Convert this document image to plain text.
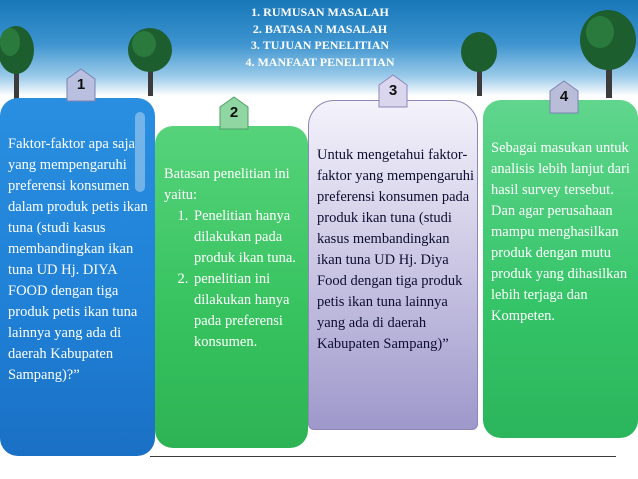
1. RUMUSAN MASALAH
2. BATASA N MASALAH
3. TUJUAN PENELITIAN
4. MANFAAT PENELITIAN
Faktor-faktor apa saja yang mempengaruhi preferensi konsumen dalam produk petis ikan tuna (studi kasus membandingkan ikan tuna UD Hj. DIYA FOOD dengan tiga produk petis ikan tuna lainnya yang ada di daerah Kabupaten Sampang)?”
Batasan penelitian ini yaitu:
1. Penelitian hanya dilakukan pada produk ikan tuna.
2. penelitian ini dilakukan hanya pada preferensi konsumen.
Untuk mengetahui faktor-faktor yang mempengaruhi preferensi konsumen pada produk ikan tuna (studi kasus membandingkan ikan tuna UD Hj. Diya Food dengan tiga produk petis ikan tuna lainnya yang ada di daerah Kabupaten Sampang)”
Sebagai masukan untuk analisis lebih lanjut dari hasil survey tersebut. Dan agar perusahaan mampu menghasilkan produk dengan mutu produk yang dihasilkan lebih terjaga dan Kompeten.
1
2
3	4
